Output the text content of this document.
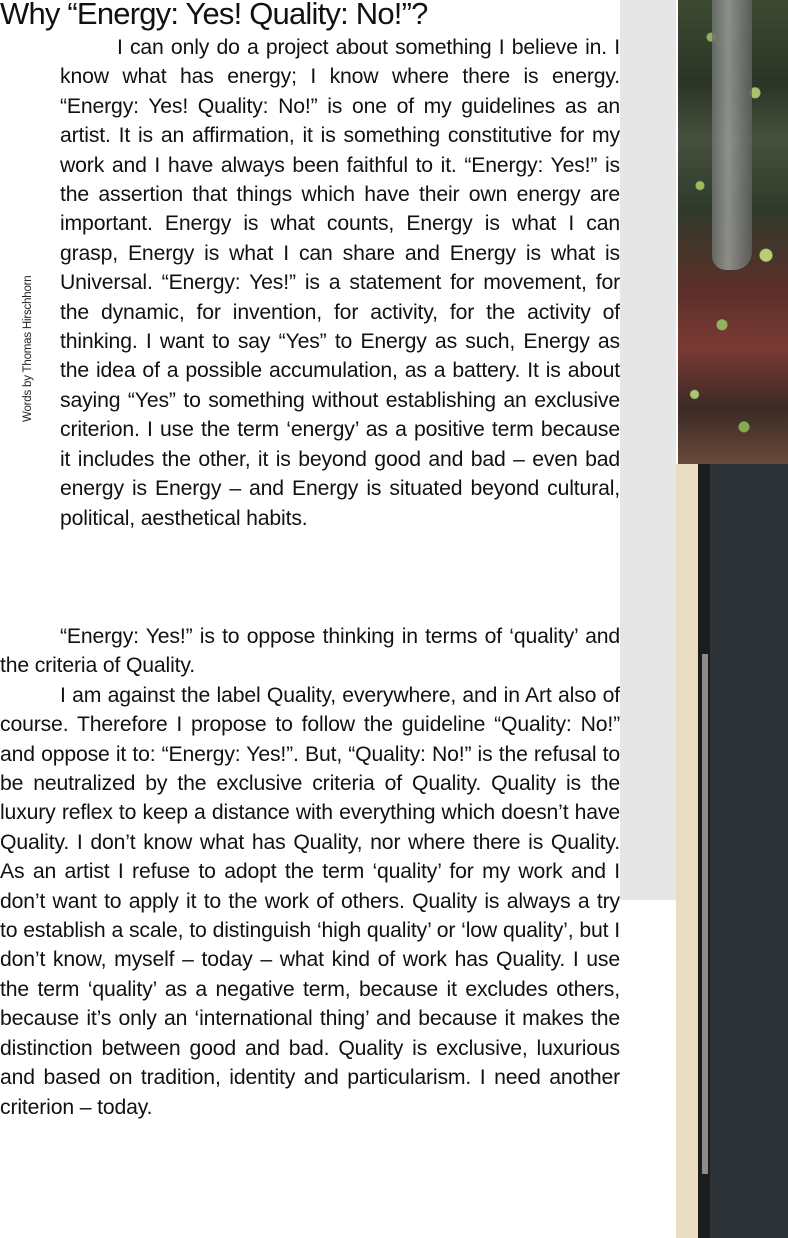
Why “Energy: Yes! Quality: No!”?
Words by Thomas Hirschhorn

I can only do a project about something I believe in. I know what has energy; I know where there is energy. “Energy: Yes! Quality: No!” is one of my guidelines as an artist. It is an affirmation, it is something constitutive for my work and I have always been faithful to it. “Energy: Yes!” is the assertion that things which have their own energy are important. Energy is what counts, Energy is what I can grasp, Energy is what I can share and Energy is what is Universal. “Energy: Yes!” is a statement for movement, for the dynamic, for invention, for activity, for the activity of thinking. I want to say “Yes” to Energy as such, Energy as the idea of a possible accumulation, as a battery. It is about saying “Yes” to something without establishing an exclusive criterion. I use the term ‘energy’ as a positive term because it includes the other, it is beyond good and bad – even bad energy is Energy – and Energy is situated beyond cultural, political, aesthetical habits.

“Energy: Yes!” is to oppose thinking in terms of ‘quality’ and the criteria of Quality.

I am against the label Quality, everywhere, and in Art also of course. Therefore I propose to follow the guideline “Quality: No!” and oppose it to: “Energy: Yes!”. But, “Quality: No!” is the refusal to be neutralized by the exclusive criteria of Quality. Quality is the luxury reflex to keep a distance with everything which doesn’t have Quality. I don’t know what has Quality, nor where there is Quality. As an artist I refuse to adopt the term ‘quality’ for my work and I don’t want to apply it to the work of others. Quality is always a try to establish a scale, to distinguish ‘high quality’ or ‘low quality’, but I don’t know, myself – today – what kind of work has Quality. I use the term ‘quality’ as a negative term, because it excludes others, because it’s only an ‘international thing’ and because it makes the distinction between good and bad. Quality is exclusive, luxurious and based on tradition, identity and particularism. I need another criterion – today.
